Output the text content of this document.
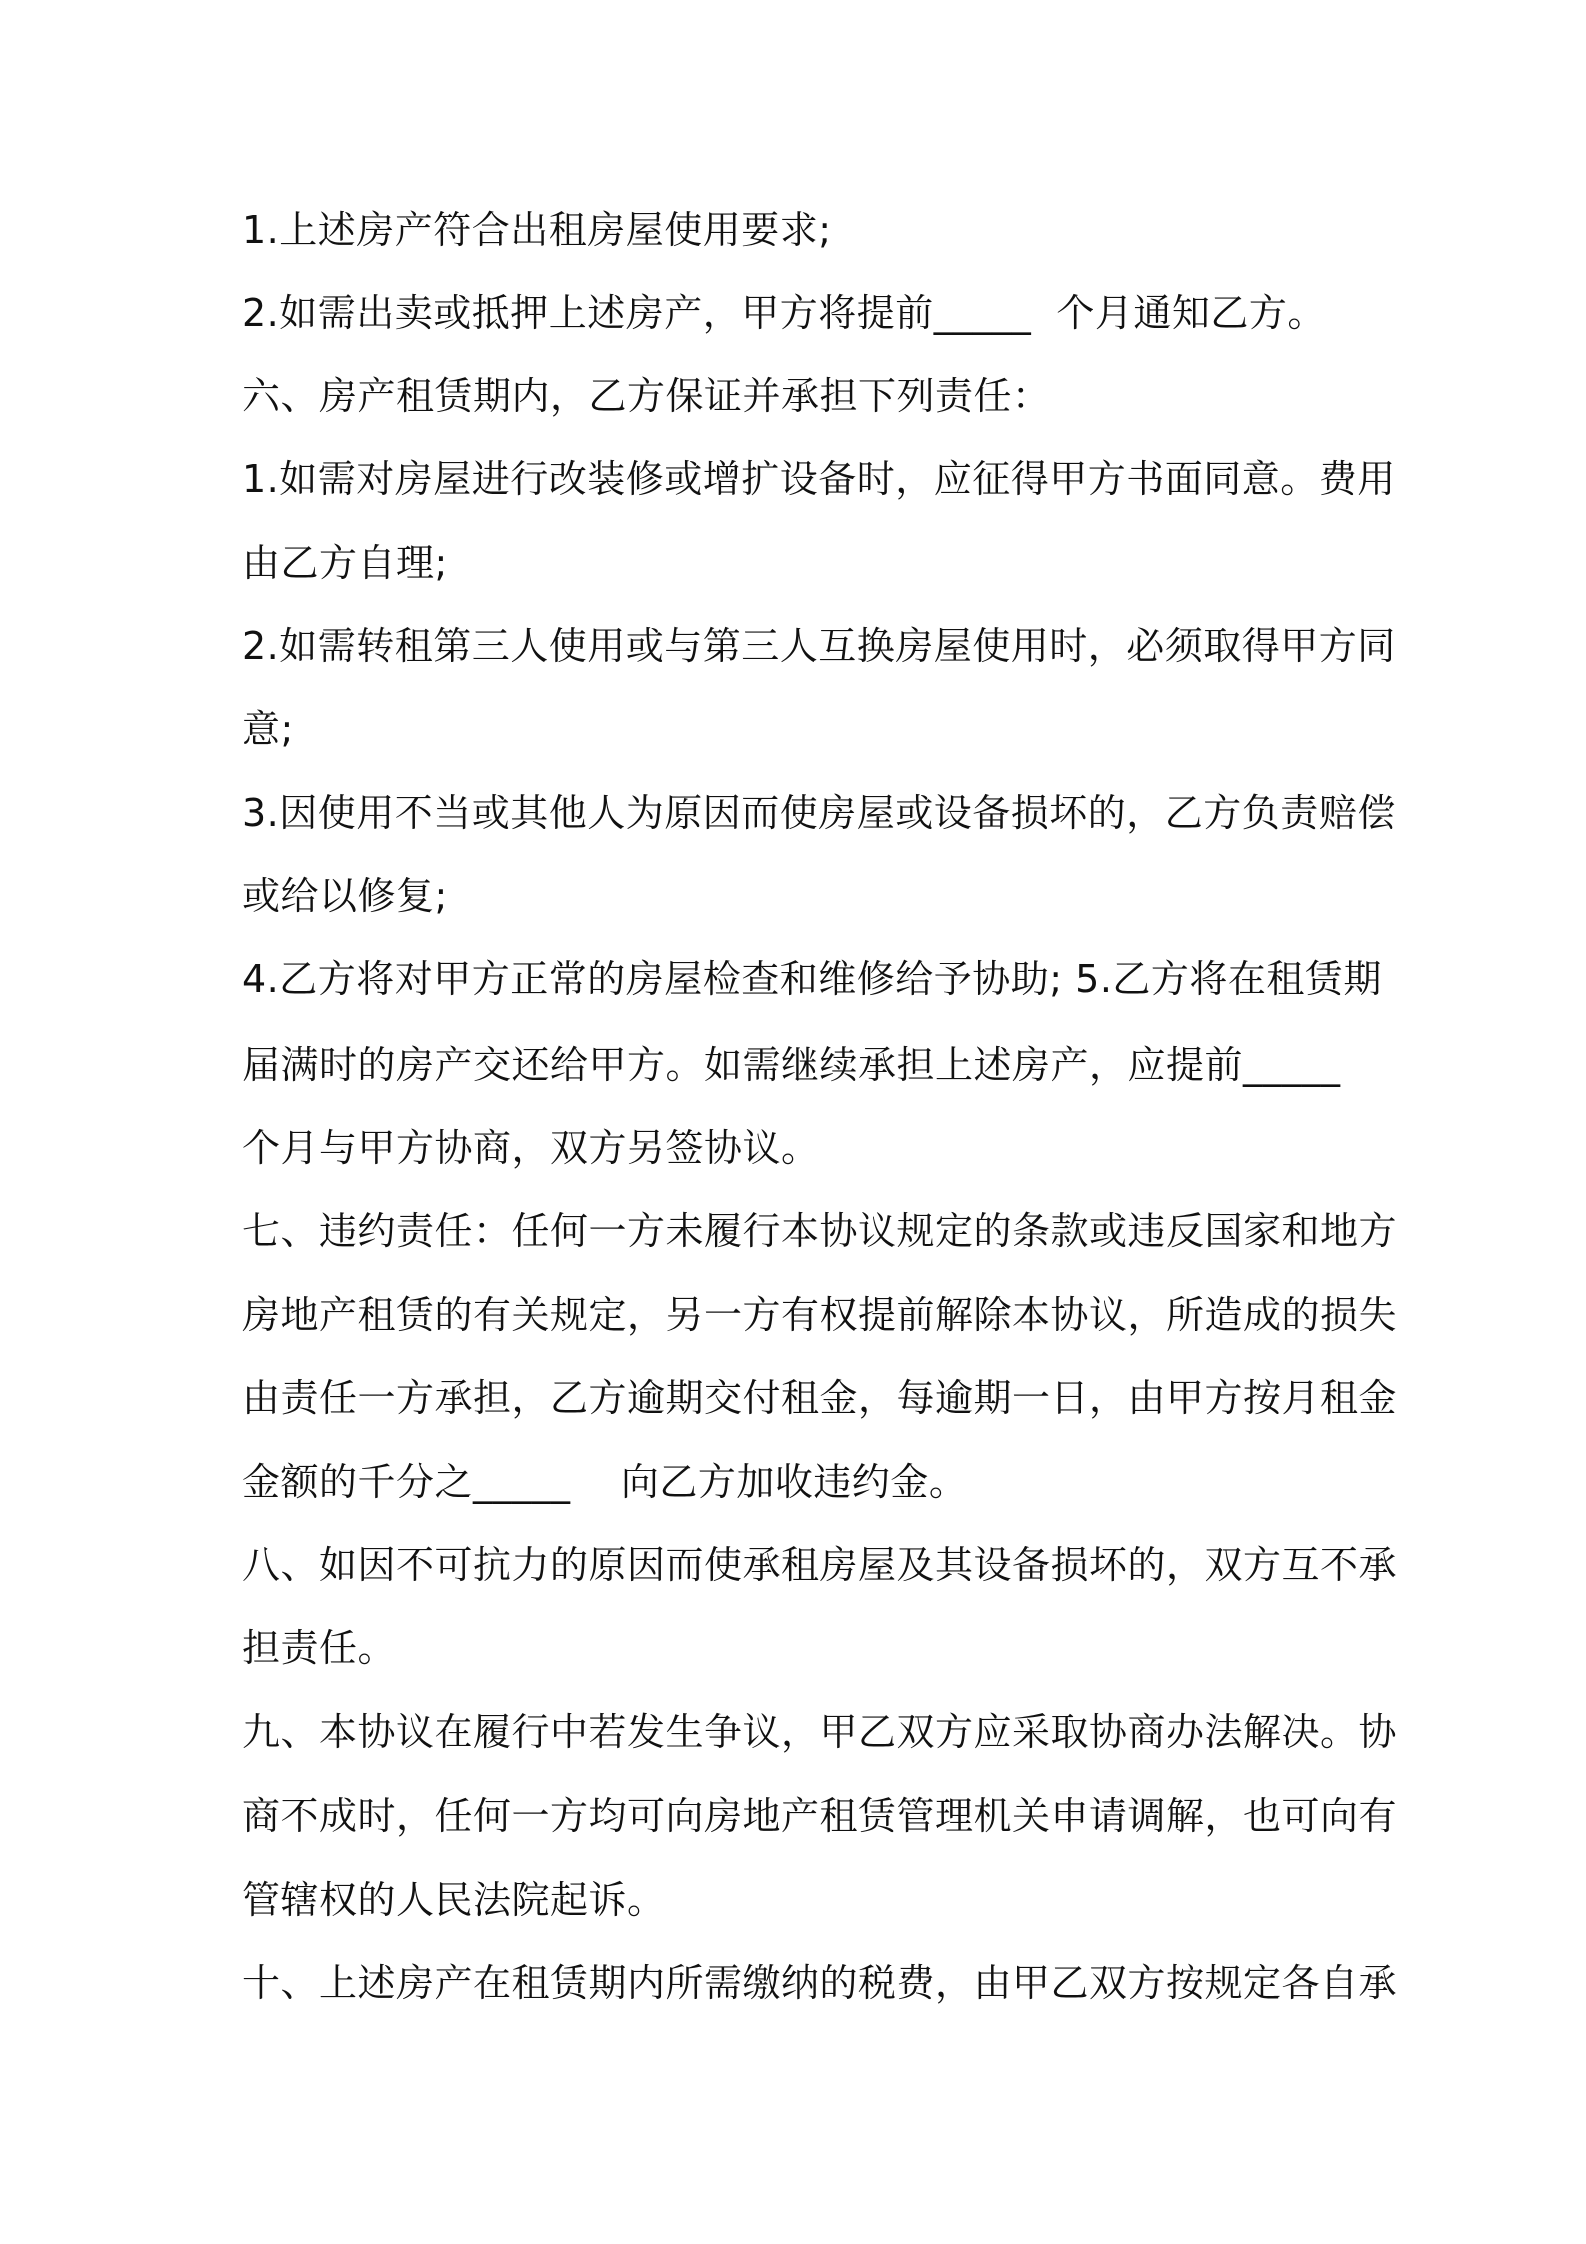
1.上述房产符合出租房屋使用要求;

2.如需出卖或抵押上述房产，甲方将提前_____  个月通知乙方。

六、房产租赁期内，乙方保证并承担下列责任：

1.如需对房屋进行改装修或增扩设备时，应征得甲方书面同意。费用

由乙方自理;

2.如需转租第三人使用或与第三人互换房屋使用时，必须取得甲方同

意;

3.因使用不当或其他人为原因而使房屋或设备损坏的，乙方负责赔偿

或给以修复;

4.乙方将对甲方正常的房屋检查和维修给予协助; 5.乙方将在租赁期

届满时的房产交还给甲方。如需继续承担上述房产，应提前_____

个月与甲方协商，双方另签协议。

七、违约责任：任何一方未履行本协议规定的条款或违反国家和地方

房地产租赁的有关规定，另一方有权提前解除本协议，所造成的损失

由责任一方承担，乙方逾期交付租金，每逾期一日，由甲方按月租金

金额的千分之_____    向乙方加收违约金。

八、如因不可抗力的原因而使承租房屋及其设备损坏的，双方互不承

担责任。

九、本协议在履行中若发生争议，甲乙双方应采取协商办法解决。协

商不成时，任何一方均可向房地产租赁管理机关申请调解，也可向有

管辖权的人民法院起诉。

十、上述房产在租赁期内所需缴纳的税费，由甲乙双方按规定各自承
